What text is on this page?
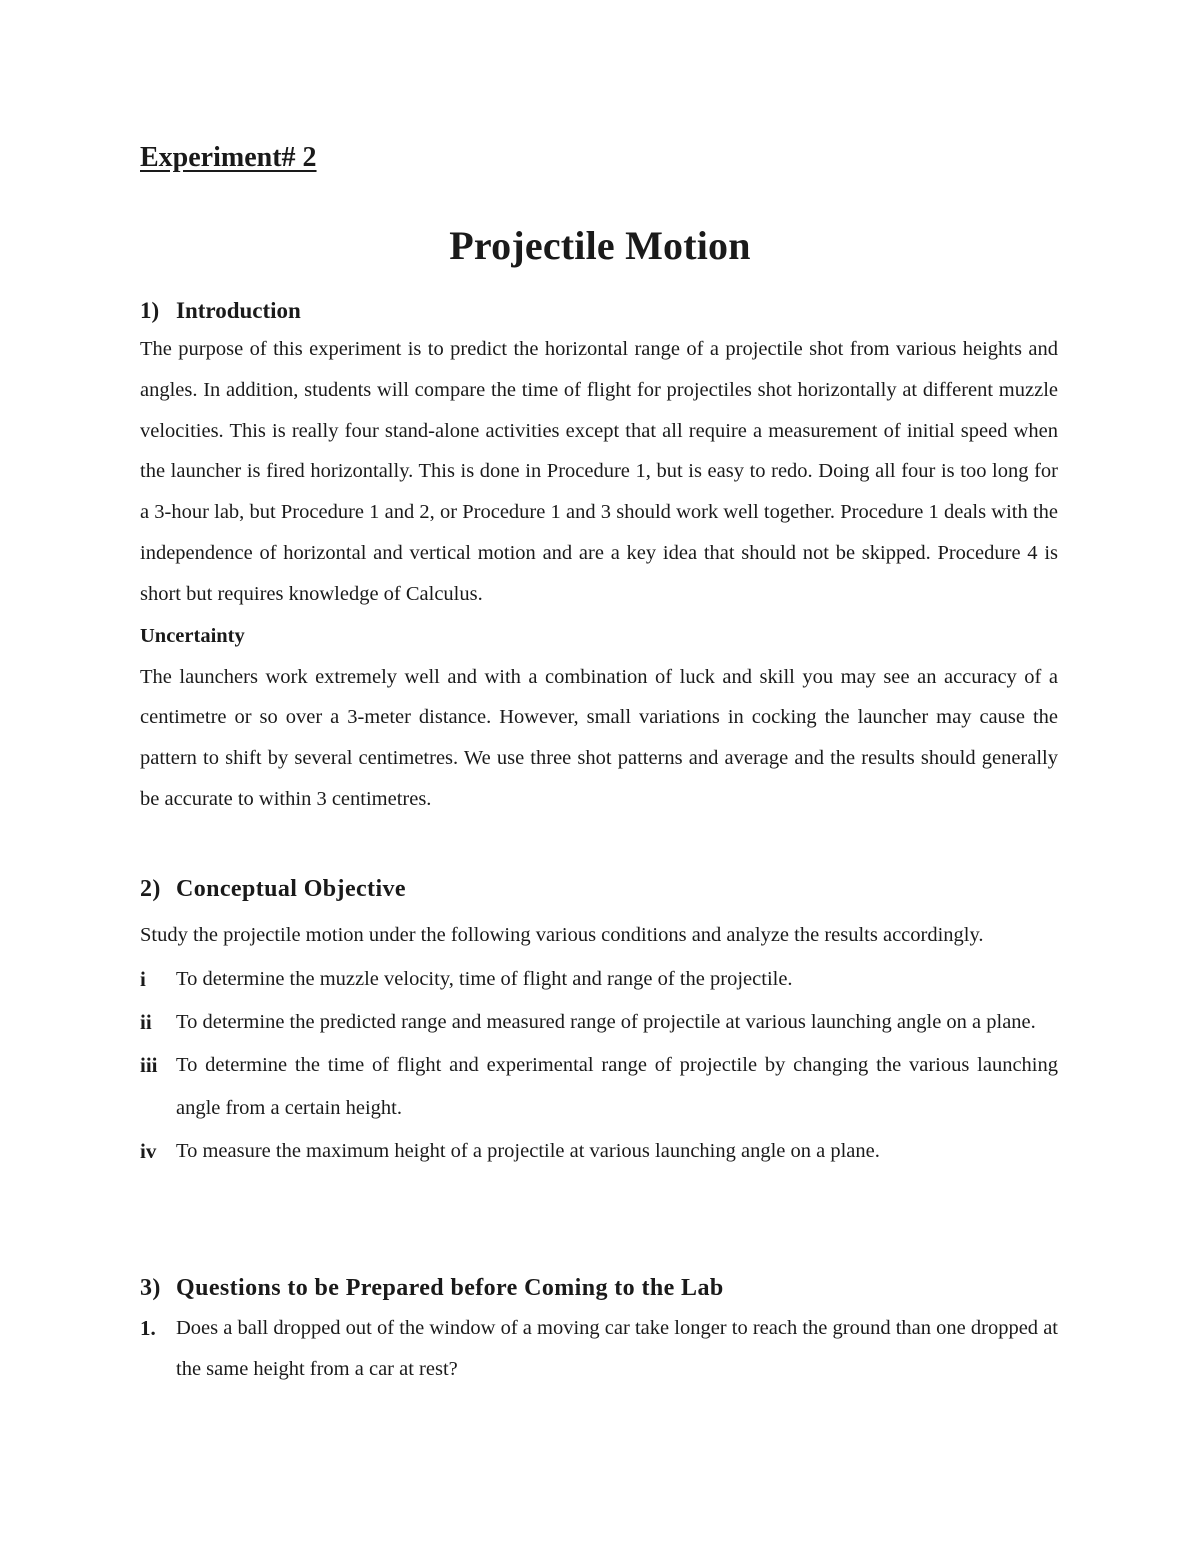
Experiment# 2
Projectile Motion
1) Introduction

The purpose of this experiment is to predict the horizontal range of a projectile shot from various heights and angles. In addition, students will compare the time of flight for projectiles shot horizontally at different muzzle velocities. This is really four stand-alone activities except that all require a measurement of initial speed when the launcher is fired horizontally. This is done in Procedure 1, but is easy to redo. Doing all four is too long for a 3-hour lab, but Procedure 1 and 2, or Procedure 1 and 3 should work well together. Procedure 1 deals with the independence of horizontal and vertical motion and are a key idea that should not be skipped. Procedure 4 is short but requires knowledge of Calculus.

Uncertainty

The launchers work extremely well and with a combination of luck and skill you may see an accuracy of a centimetre or so over a 3-meter distance. However, small variations in cocking the launcher may cause the pattern to shift by several centimetres. We use three shot patterns and average and the results should generally be accurate to within 3 centimetres.

2) Conceptual Objective

Study the projectile motion under the following various conditions and analyze the results accordingly.

i	To determine the muzzle velocity, time of flight and range of the projectile.
ii	To determine the predicted range and measured range of projectile at various launching angle on a plane.
iii To determine the time of flight and experimental range of projectile by changing the various launching angle from a certain height.
iv To measure the maximum height of a projectile at various launching angle on a plane.
3) Questions to be Prepared before Coming to the Lab
1. Does a ball dropped out of the window of a moving car take longer to reach the ground than one dropped at the same height from a car at rest?
